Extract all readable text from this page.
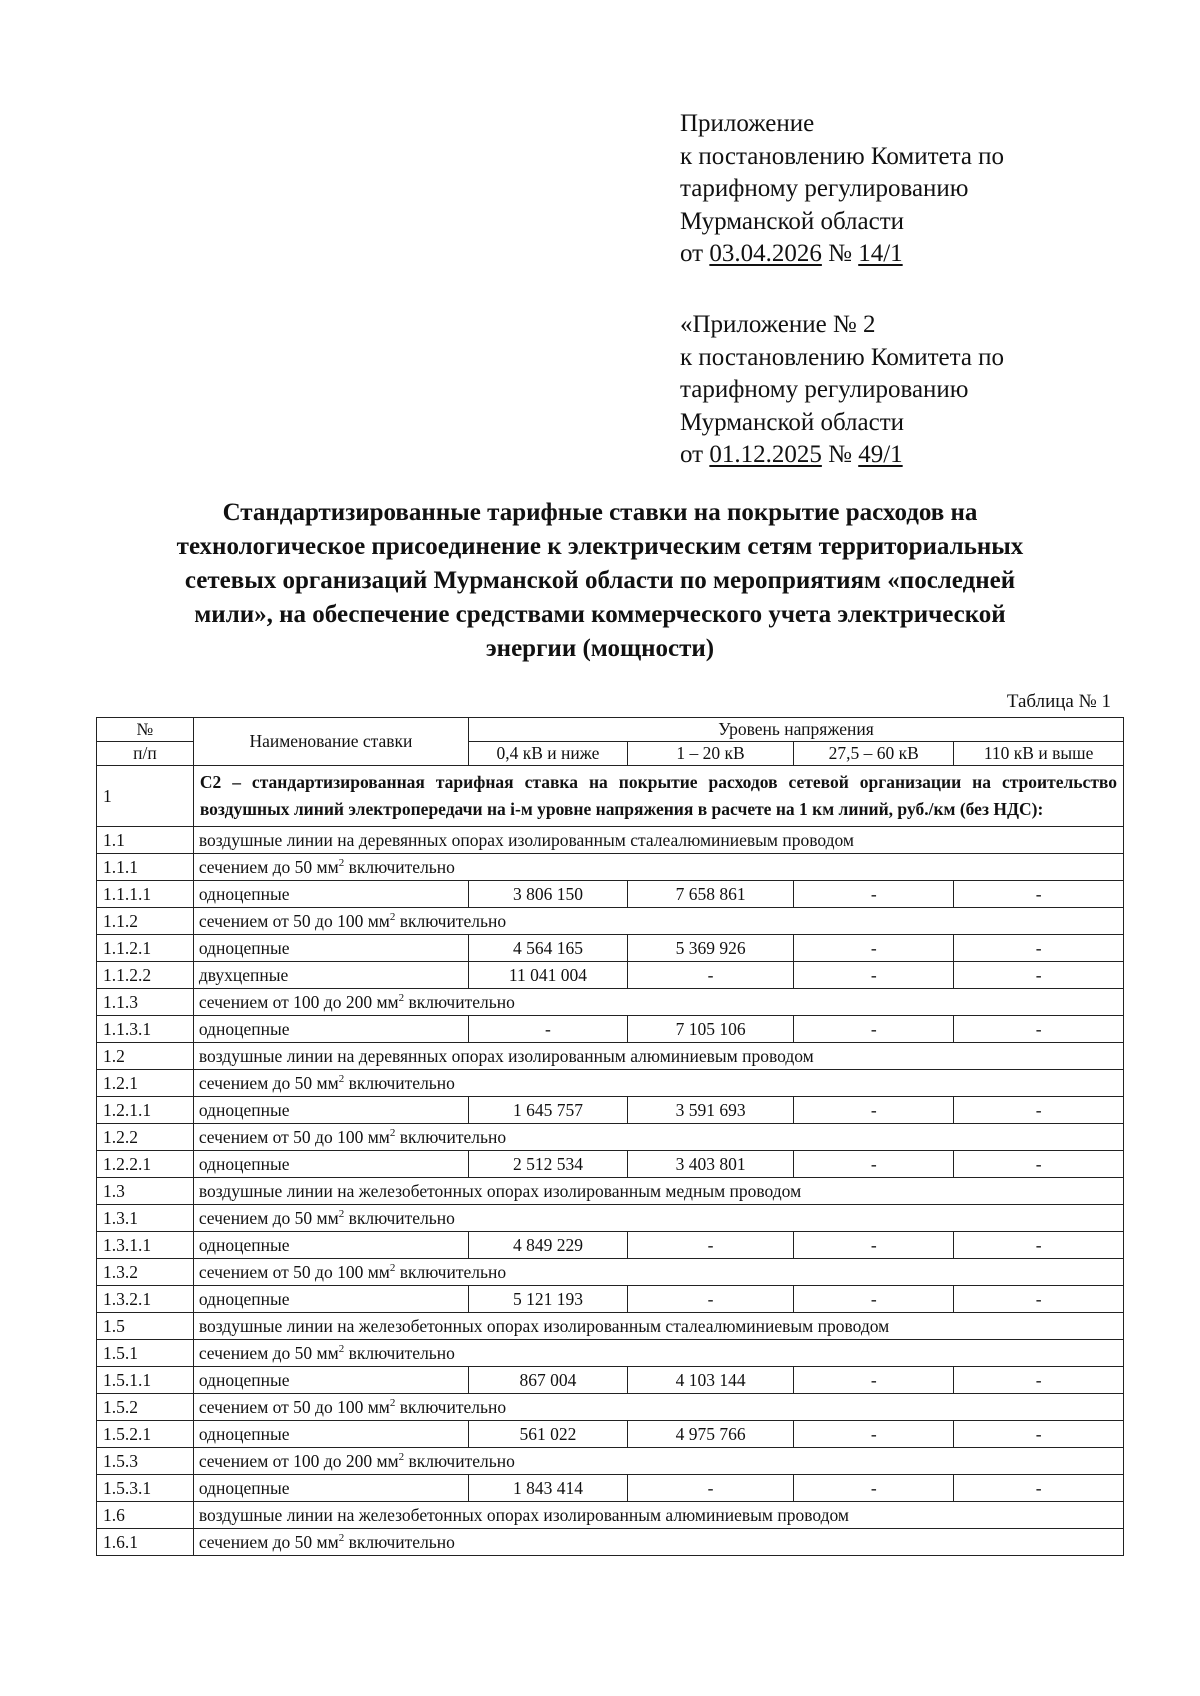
Приложение
к постановлению Комитета по
тарифному регулированию
Мурманской области
от 03.04.2026 № 14/1
«Приложение № 2
к постановлению Комитета по
тарифному регулированию
Мурманской области
от 01.12.2025 № 49/1
Стандартизированные тарифные ставки на покрытие расходов на
технологическое присоединение к электрическим сетям территориальных
сетевых организаций Мурманской области по мероприятиям «последней
мили», на обеспечение средствами коммерческого учета электрической
энергии (мощности)
Таблица № 1
№	Наименование ставки	Уровень напряжения			
п/п		0,4 кВ и ниже	1 – 20 кВ	27,5 – 60 кВ	110 кВ и выше
1	С2 – стандартизированная тарифная ставка на покрытие расходов сетевой организации на строительство воздушных линий электропередачи на i-м уровне напряжения в расчете на 1 км линий, руб./км (без НДС):				
1.1	воздушные линии на деревянных опорах изолированным сталеалюминиевым проводом				
1.1.1	сечением до 50 $мм^2$ включительно				
1.1.1.1	одноцепные	3 806 150	7 658 861	-	-
1.1.2	сечением от 50 до 100 $мм^2$ включительно				
1.1.2.1	одноцепные	4 564 165	5 369 926	-	-
1.1.2.2	двухцепные	11 041 004	-	-	-
1.1.3	сечением от 100 до 200 $мм^2$ включительно				
1.1.3.1	одноцепные	-	7 105 106	-	-
1.2	воздушные линии на деревянных опорах изолированным алюминиевым проводом				
1.2.1	сечением до 50 $мм^2$ включительно				
1.2.1.1	одноцепные	1 645 757	3 591 693	-	-
1.2.2	сечением от 50 до 100 $мм^2$ включительно				
1.2.2.1	одноцепные	2 512 534	3 403 801	-	-
1.3	воздушные линии на железобетонных опорах изолированным медным проводом				
1.3.1	сечением до 50 $мм^2$ включительно				
1.3.1.1	одноцепные	4 849 229	-	-	-
1.3.2	сечением от 50 до 100 $мм^2$ включительно				
1.3.2.1	одноцепные	5 121 193	-	-	-
1.5	воздушные линии на железобетонных опорах изолированным сталеалюминиевым проводом				
1.5.1	сечением до 50 $мм^2$ включительно				
1.5.1.1	одноцепные	867 004	4 103 144	-	-
1.5.2	сечением от 50 до 100 $мм^2$ включительно				
1.5.2.1	одноцепные	561 022	4 975 766	-	-
1.5.3	сечением от 100 до 200 $мм^2$ включительно				
1.5.3.1	одноцепные	1 843 414	-	-	-
1.6	воздушные линии на железобетонных опорах изолированным алюминиевым проводом				
1.6.1	сечением до 50 $мм^2$ включительно				
